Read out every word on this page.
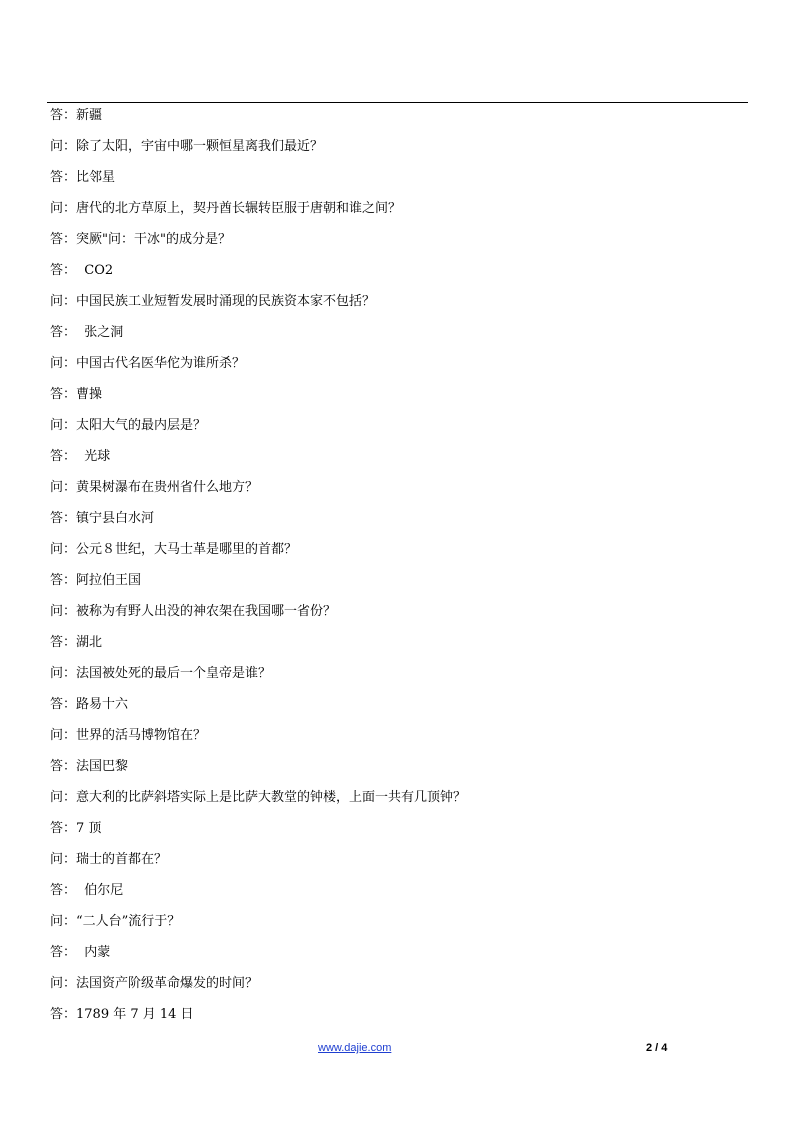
答：新疆
问：除了太阳，宇宙中哪一颗恒星离我们最近？
答：比邻星
问：唐代的北方草原上，契丹酋长辗转臣服于唐朝和谁之间？
答：突厥"问：干冰"的成分是？
答：  CO2
问：中国民族工业短暂发展时涌现的民族资本家不包括？
答：  张之洞
问：中国古代名医华佗为谁所杀？
答：曹操
问：太阳大气的最内层是？
答：  光球
问：黄果树瀑布在贵州省什么地方？
答：镇宁县白水河
问：公元８世纪，大马士革是哪里的首都？
答：阿拉伯王国
问：被称为有野人出没的神农架在我国哪一省份？
答：湖北
问：法国被处死的最后一个皇帝是谁？
答：路易十六
问：世界的活马博物馆在？
答：法国巴黎
问：意大利的比萨斜塔实际上是比萨大教堂的钟楼，上面一共有几顶钟？
答：7 顶
问：瑞士的首都在？
答：  伯尔尼
问：“二人台”流行于？
答：  内蒙
问：法国资产阶级革命爆发的时间？
答：1789 年 7 月 14 日
www.dajie.com	2 / 4
